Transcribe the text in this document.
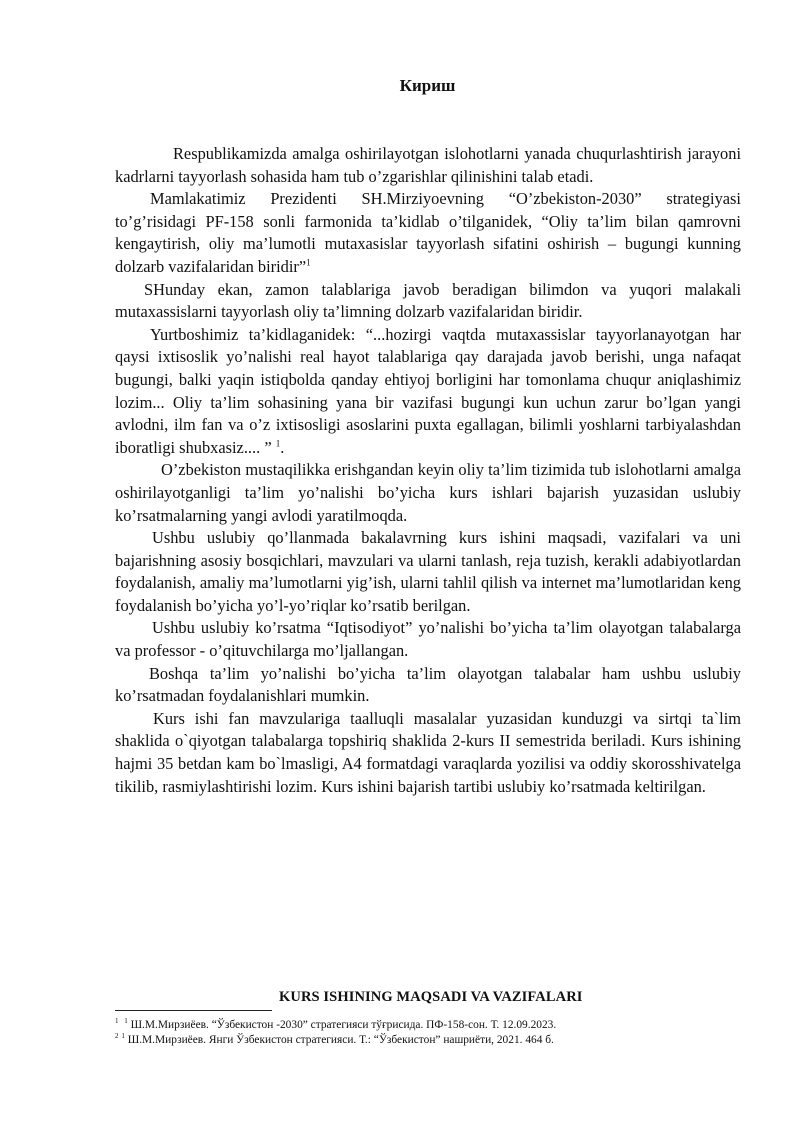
Кириш

Respublikamizda amalga oshirilayotgan islohotlarni yanada chuqurlashtirish jarayoni kadrlarni tayyorlash sohasida ham tub o’zgarishlar qilinishini talab etadi.

Mamlakatimiz Prezidenti SH.Mirziyoevning “O’zbekiston-2030” strategiyasi to’g’risidagi PF-158 sonli farmonida ta’kidlab o’tilganidek, “Oliy ta’lim bilan qamrovni kengaytirish, oliy ma’lumotli mutaxasislar tayyorlash sifatini oshirish – bugungi kunning dolzarb vazifalaridan biridir”$^1$

SHunday ekan, zamon talablariga javob beradigan bilimdon va yuqori malakali mutaxassislarni tayyorlash oliy ta’limning dolzarb vazifalaridan biridir.

Yurtboshimiz ta’kidlaganidek: “...hozirgi vaqtda mutaxassislar tayyorlanayotgan har qaysi ixtisoslik yo’nalishi real hayot talablariga qay darajada javob berishi, unga nafaqat bugungi, balki yaqin istiqbolda qanday ehtiyoj borligini har tomonlama chuqur aniqlashimiz lozim... Oliy ta’lim sohasining yana bir vazifasi bugungi kun uchun zarur bo’lgan yangi avlodni, ilm fan va o’z ixtisosligi asoslarini puxta egallagan, bilimli yoshlarni tarbiyalashdan iboratligi shubxasiz.... ” $^1$.

O’zbekiston mustaqilikka erishgandan keyin oliy ta’lim tizimida tub islohotlarni amalga oshirilayotganligi ta’lim yo’nalishi bo’yicha kurs ishlari bajarish yuzasidan uslubiy ko’rsatmalarning yangi avlodi yaratilmoqda.

Ushbu uslubiy qo’llanmada bakalavrning kurs ishini maqsadi, vazifalari va uni bajarishning asosiy bosqichlari, mavzulari va ularni tanlash, reja tuzish, kerakli adabiyotlardan foydalanish, amaliy ma’lumotlarni yig’ish, ularni tahlil qilish va internet ma’lumotlaridan keng foydalanish bo’yicha yo’l-yo’riqlar ko’rsatib berilgan.

Ushbu uslubiy ko’rsatma “Iqtisodiyot” yo’nalishi bo’yicha ta’lim olayotgan talabalarga va professor - o’qituvchilarga mo’ljallangan.

Boshqa ta’lim yo’nalishi bo’yicha ta’lim olayotgan talabalar ham ushbu uslubiy ko’rsatmadan foydalanishlari mumkin.

Kurs ishi fan mavzulariga taalluqli masalalar yuzasidan kunduzgi va sirtqi ta`lim shaklida o`qiyotgan talabalarga topshiriq shaklida 2-kurs II semestrida beriladi. Kurs ishining hajmi 35 betdan kam bo`lmasligi, A4 formatdagi varaqlarda yozilisi va oddiy skorosshivatelga tikilib, rasmiylashtirishi lozim. Kurs ishini bajarish tartibi uslubiy ko’rsatmada keltirilgan.

KURS ISHINING MAQSADI VA VAZIFALARI

$^1$ $^1$ Ш.М.Мирзиёев. “Ўзбекистон -2030” стратегияси тўғрисида. ПФ-158-сон. Т. 12.09.2023.

$^2$ $^1$ Ш.М.Мирзиёев. Янги Ўзбекистон стратегияси. Т.: “Ўзбекистон” нашриёти, 2021. 464 б.
